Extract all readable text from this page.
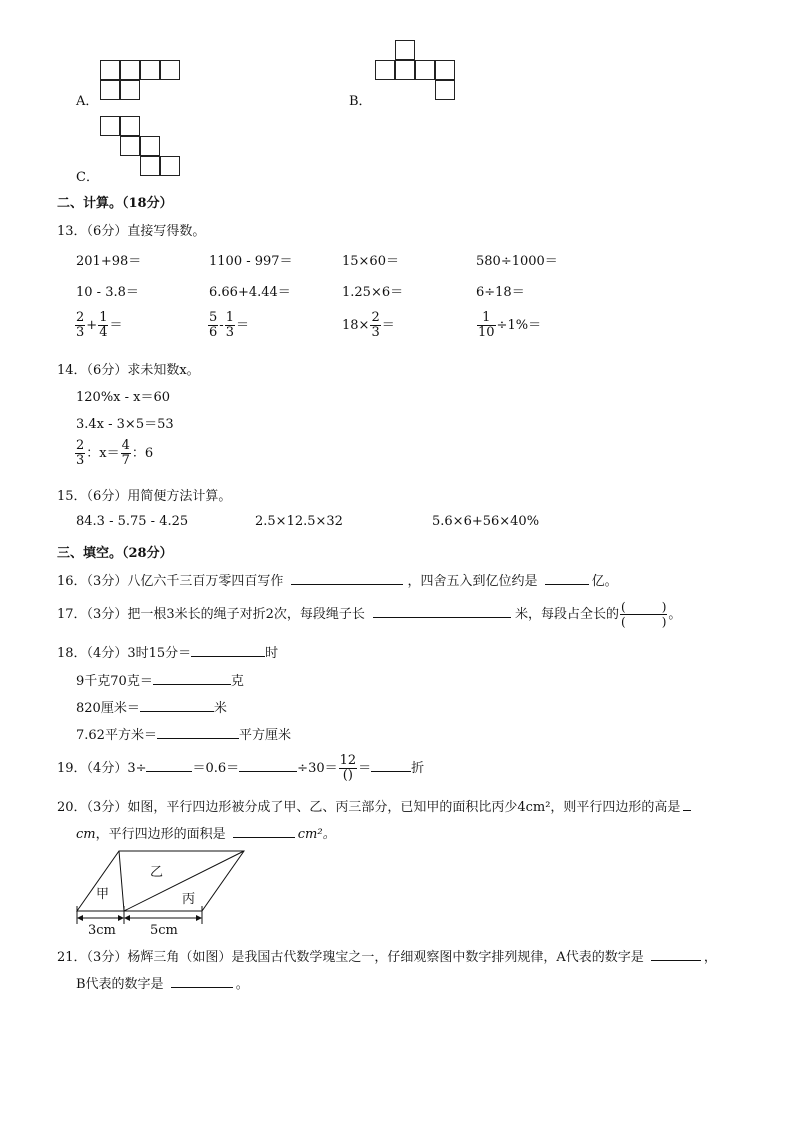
A．	B．
C．
二、计算。（18分）
13．（6分）直接写得数。
201+98＝	1100 - 997＝	15×60＝	580÷1000＝
10 - 3.8＝	6.66+4.44＝	1.25×6＝	6÷18＝
$\frac{2}{3} + \frac{1}{4}$ ＝	$\frac{5}{6} - \frac{1}{3}$ ＝	$18\times \frac{2}{3}$ ＝	$\frac{1}{10} \div 1\%=$
14．（6分）求未知数x。
120%x - x＝60
3.4x - 3×5＝53
$\frac{2}{3}$ ：$x= \frac{4}{7}$ ：6
15．（6分）用简便方法计算。
84.3 - 5.75 - 4.25	2.5×12.5×32	5.6×6+56×40%
三、填空。（28分）
16．（3分）八亿六千三百万零四百写作	，四舍五入到亿位约是	亿。
17．（3分）把一根3米长的绳子对折2次，每段绳子长	米，每段占全长的 $\frac{( )}{( )}$ 。
18．（4分）3时15分＝	时
9千克70克＝	克
820厘米＝	米
7.62平方米＝	平方厘米
19．（4分）3÷	＝0.6＝	$\div 30= \frac{12}{()}$ ＝	折
20．（3分）如图，平行四边形被分成了甲、乙、丙三部分，已知甲的面积比丙少4cm²，则平行四边形的高是
cm，平行四边形的面积是	cm²。
甲
乙
丙
3cm	5cm
21．（3分）杨辉三角（如图）是我国古代数学瑰宝之一，仔细观察图中数字排列规律，A代表的数字是	，
B代表的数字是	。
